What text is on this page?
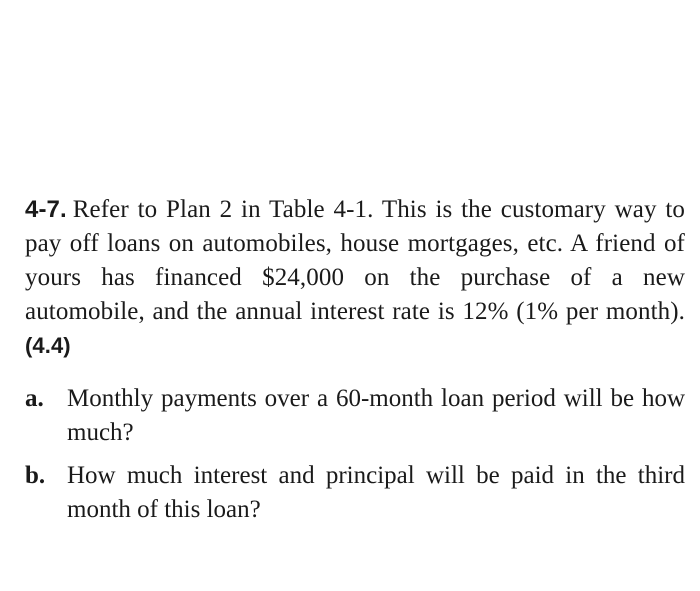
4-7. Refer to Plan 2 in Table 4-1. This is the customary way to pay off loans on automobiles, house mortgages, etc. A friend of yours has financed $24,000 on the purchase of a new automobile, and the annual interest rate is 12% (1% per month). (4.4)
a. Monthly payments over a 60-month loan period will be how much?
b. How much interest and principal will be paid in the third month of this loan?
